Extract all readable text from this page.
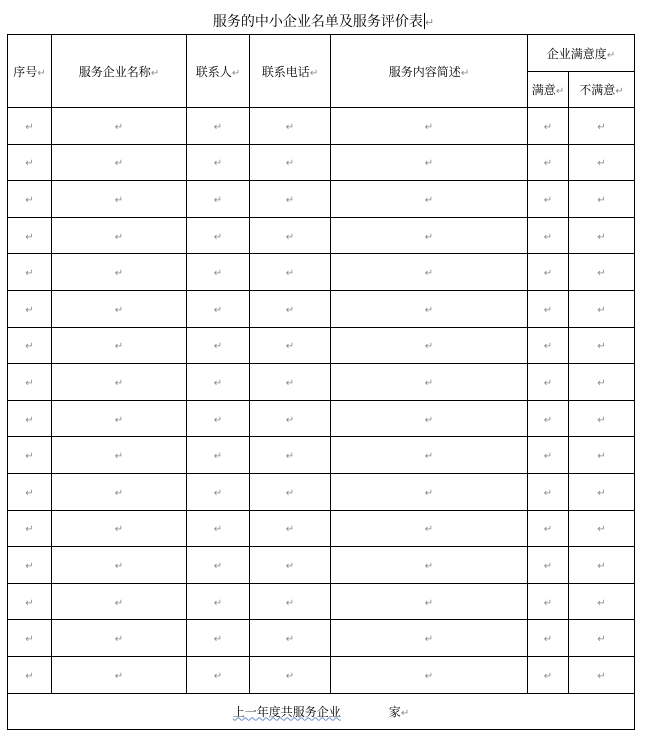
服务的中小企业名单及服务评价表 ↵
序号↵	服务企业名称↵	联系人↵	联系电话↵	服务内容简述↵	企业满意度↵	
					满意↵	不满意↵
↵	↵	↵	↵	↵	↵	↵
↵	↵	↵	↵	↵	↵	↵
↵	↵	↵	↵	↵	↵	↵
↵	↵	↵	↵	↵	↵	↵
↵	↵	↵	↵	↵	↵	↵
↵	↵	↵	↵	↵	↵	↵
↵	↵	↵	↵	↵	↵	↵
↵	↵	↵	↵	↵	↵	↵
↵	↵	↵	↵	↵	↵	↵
↵	↵	↵	↵	↵	↵	↵
↵	↵	↵	↵	↵	↵	↵
↵	↵	↵	↵	↵	↵	↵
↵	↵	↵	↵	↵	↵	↵
↵	↵	↵	↵	↵	↵	↵
↵	↵	↵	↵	↵	↵	↵
↵	↵	↵	↵	↵	↵	↵
上一年度共服务企业 家↵						
